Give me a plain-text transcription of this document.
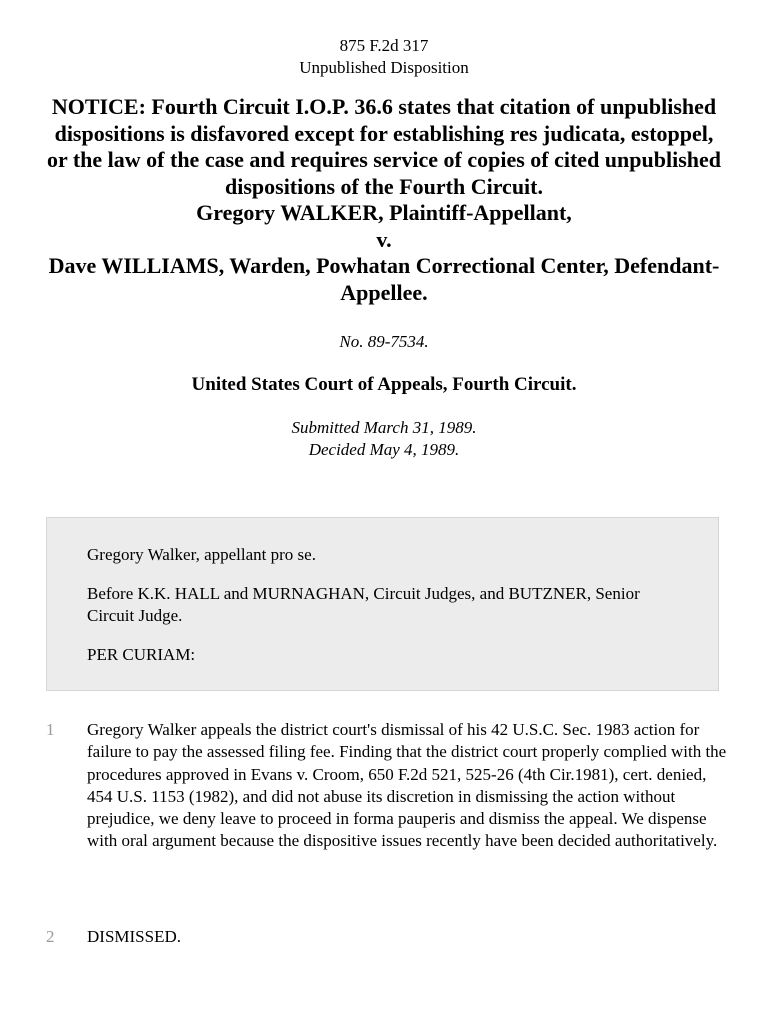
875 F.2d 317
Unpublished Disposition
NOTICE: Fourth Circuit I.O.P. 36.6 states that citation of unpublished dispositions is disfavored except for establishing res judicata, estoppel, or the law of the case and requires service of copies of cited unpublished dispositions of the Fourth Circuit.
Gregory WALKER, Plaintiff-Appellant,
v.
Dave WILLIAMS, Warden, Powhatan Correctional Center, Defendant-Appellee.
No. 89-7534.
United States Court of Appeals, Fourth Circuit.
Submitted March 31, 1989.
Decided May 4, 1989.

Gregory Walker, appellant pro se.

Before K.K. HALL and MURNAGHAN, Circuit Judges, and BUTZNER, Senior Circuit Judge.

PER CURIAM:

1	Gregory Walker appeals the district court's dismissal of his 42 U.S.C. Sec. 1983 action for failure to pay the assessed filing fee. Finding that the district court properly complied with the procedures approved in Evans v. Croom, 650 F.2d 521, 525-26 (4th Cir.1981), cert. denied, 454 U.S. 1153 (1982), and did not abuse its discretion in dismissing the action without prejudice, we deny leave to proceed in forma pauperis and dismiss the appeal. We dispense with oral argument because the dispositive issues recently have been decided authoritatively.
2	DISMISSED.
